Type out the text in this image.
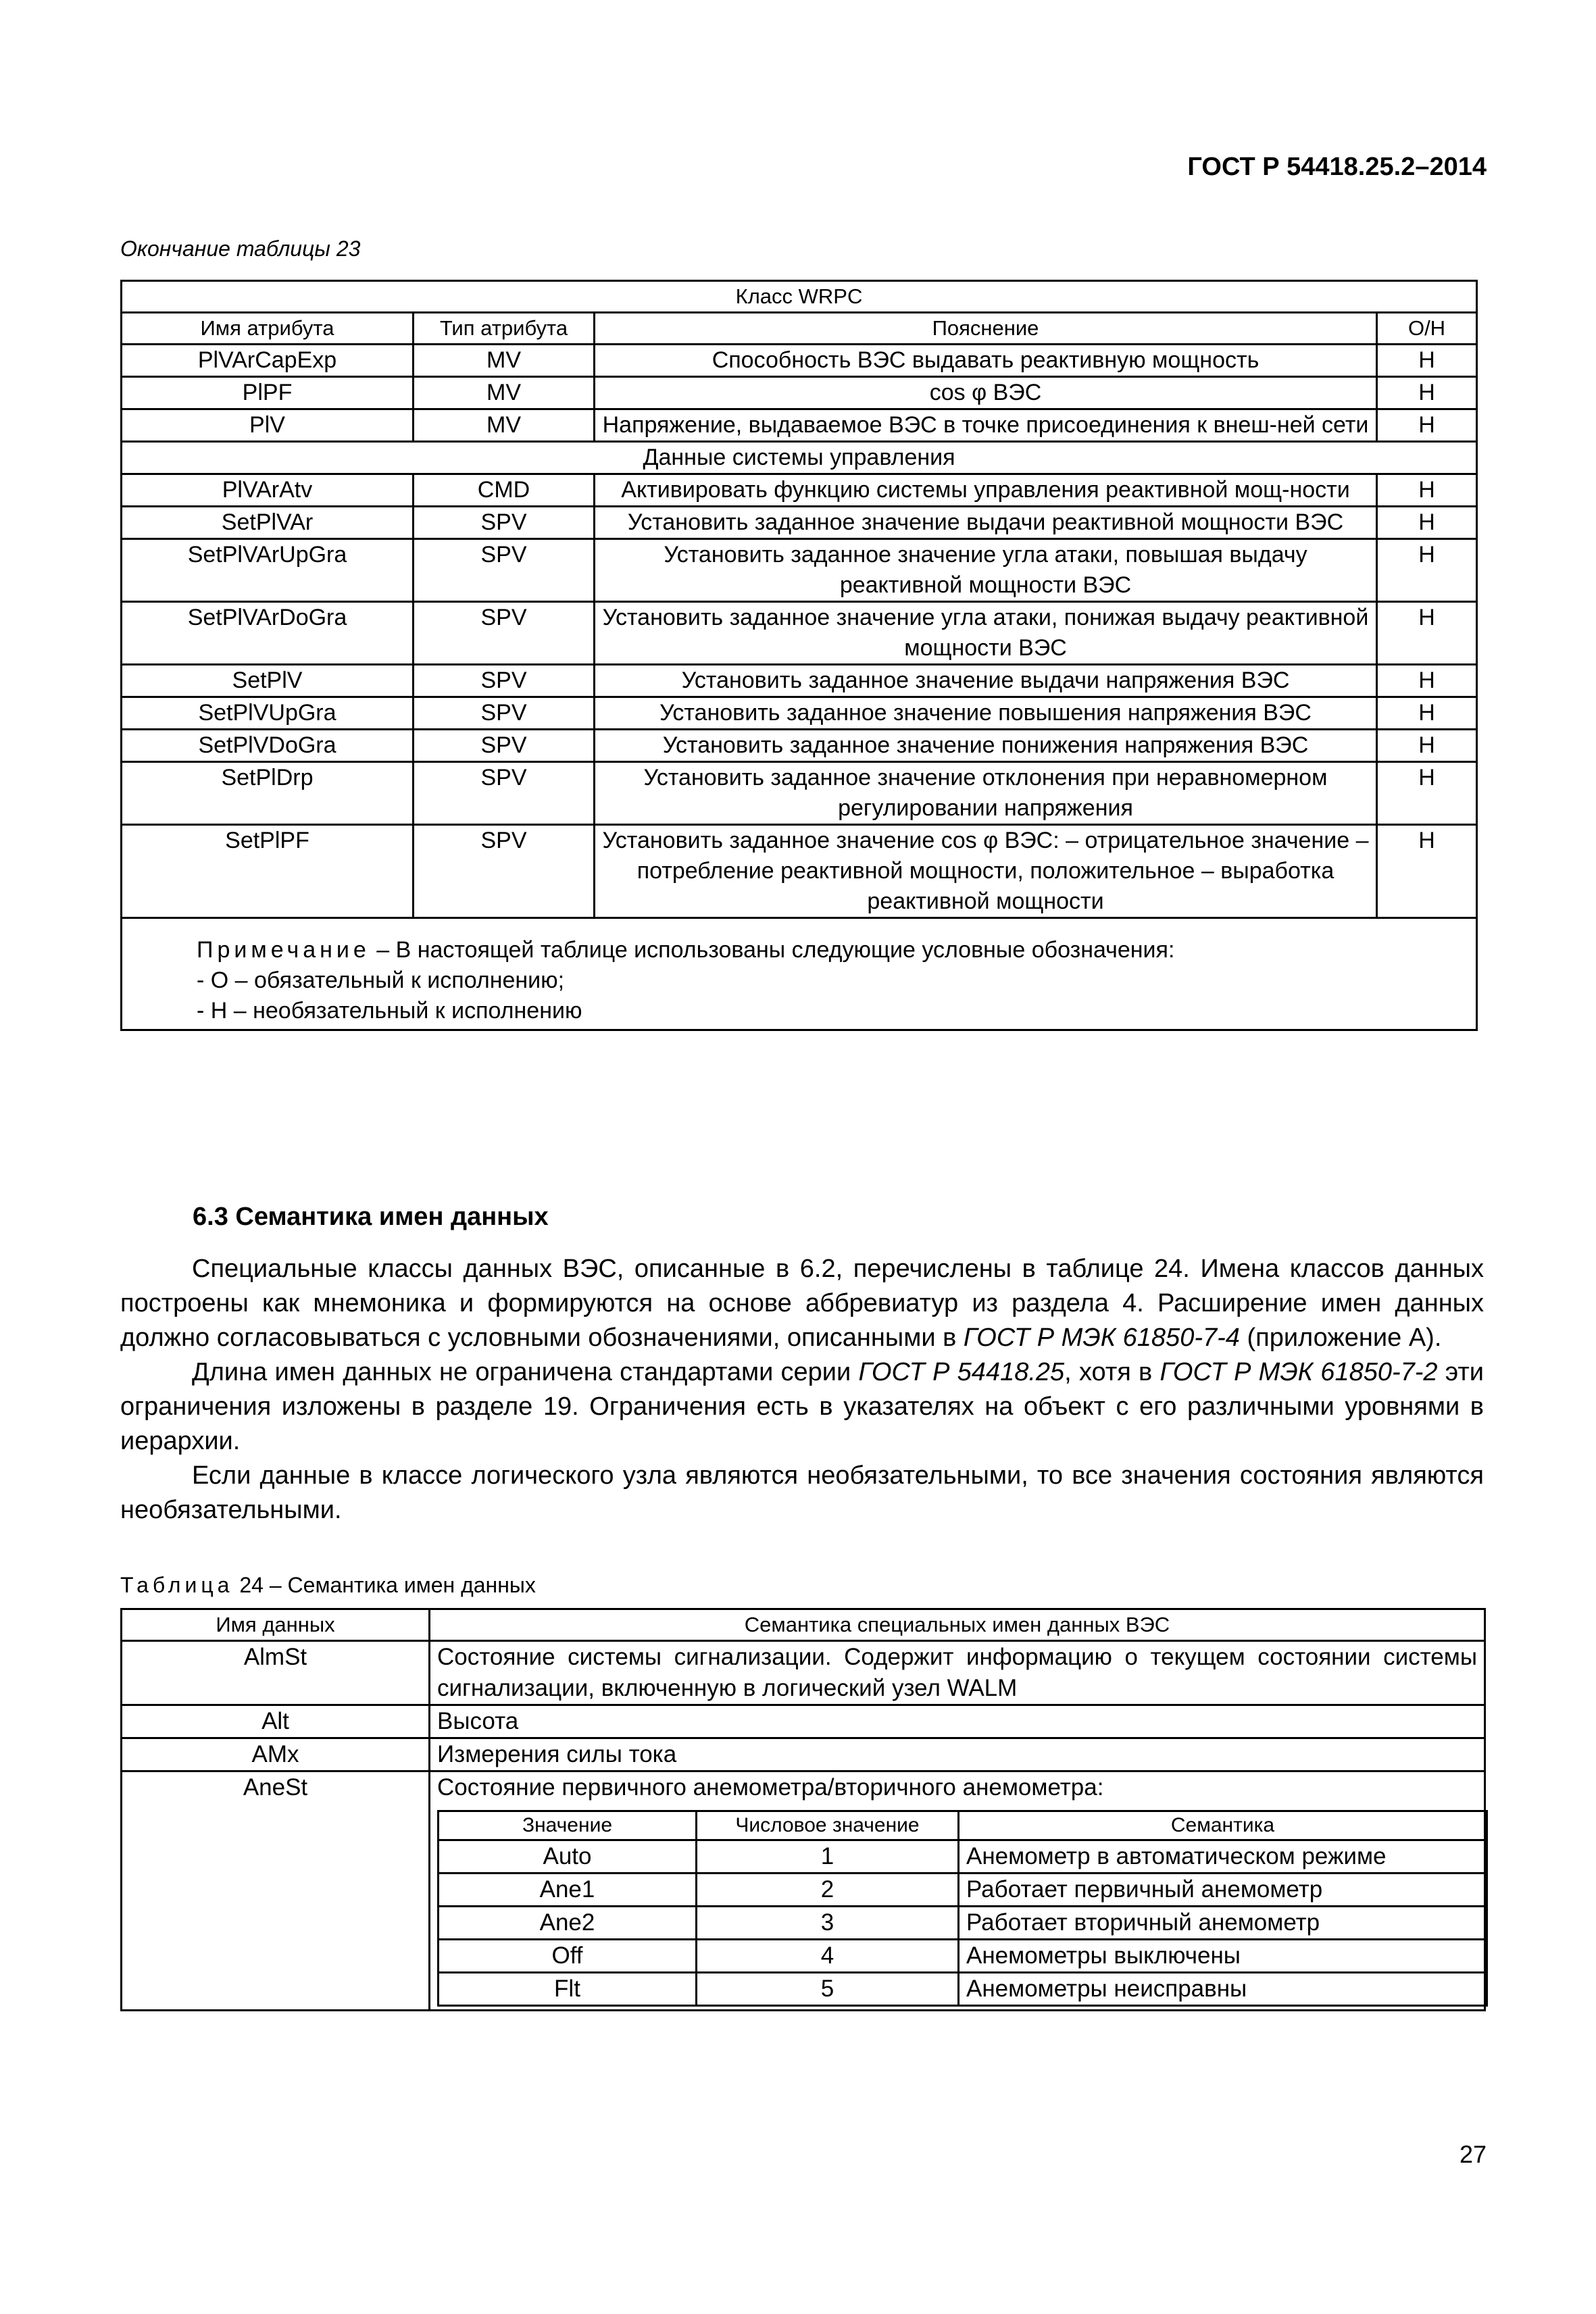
ГОСТ Р 54418.25.2–2014
Окончание таблицы 23
Класс WRPC			
Имя атрибута	Тип атрибута	Пояснение	О/Н
PlVArCapExp	MV	Способность ВЭС выдавать реактивную мощность	Н
PlPF	MV	cos φ ВЭС	Н
PlV	MV	Напряжение, выдаваемое ВЭС в точке присоединения к внеш-ней сети	Н
Данные системы управления			
PlVArAtv	CMD	Активировать функцию системы управления реактивной мощ-ности	Н
SetPlVAr	SPV	Установить заданное значение выдачи реактивной мощности ВЭС	Н
SetPlVArUpGra	SPV	Установить заданное значение угла атаки, повышая выдачу реактивной мощности ВЭС	Н
SetPlVArDoGra	SPV	Установить заданное значение угла атаки, понижая выдачу реактивной мощности ВЭС	Н
SetPlV	SPV	Установить заданное значение выдачи напряжения ВЭС	Н
SetPlVUpGra	SPV	Установить заданное значение повышения напряжения ВЭС	Н
SetPlVDoGra	SPV	Установить заданное значение понижения напряжения ВЭС	Н
SetPlDrp	SPV	Установить заданное значение отклонения при неравномерном регулировании напряжения	Н
SetPlPF	SPV	Установить заданное значение cos φ ВЭС: – отрицательное значение – потребление реактивной мощности, положительное – выработка реактивной мощности	Н

Примечание – В настоящей таблице использованы следующие условные обозначения:
- О – обязательный к исполнению;
- Н – необязательный к исполнению			
6.3 Семантика имен данных

Специальные классы данных ВЭС, описанные в 6.2, перечислены в таблице 24. Имена классов данных построены как мнемоника и формируются на основе аббревиатур из раздела 4. Расширение имен данных должно согласовываться с условными обозначениями, описанными в ГОСТ Р МЭК 61850-7-4 (приложение А).

Длина имен данных не ограничена стандартами серии ГОСТ Р 54418.25, хотя в ГОСТ Р МЭК 61850-7-2 эти ограничения изложены в разделе 19. Ограничения есть в указателях на объект с его различными уровнями в иерархии.

Если данные в классе логического узла являются необязательными, то все значения состояния являются необязательными.

Таблица 24 – Семантика имен данных
Имя данных	Семантика специальных имен данных ВЭС
AlmSt	Состояние системы сигнализации. Содержит информацию о текущем состоянии системы сигнализации, включенную в логический узел WALM
Alt	Высота
AMx	Измерения силы тока
AneSt	Состояние первичного анемометра/вторичного анемометра:
Значение	Числовое значение	Семантика
Auto	1	Анемометр в автоматическом режиме
Ane1	2	Работает первичный анемометр
Ane2	3	Работает вторичный анемометр
Off	4	Анемометры выключены
Flt	5	Анемометры неисправны
27
